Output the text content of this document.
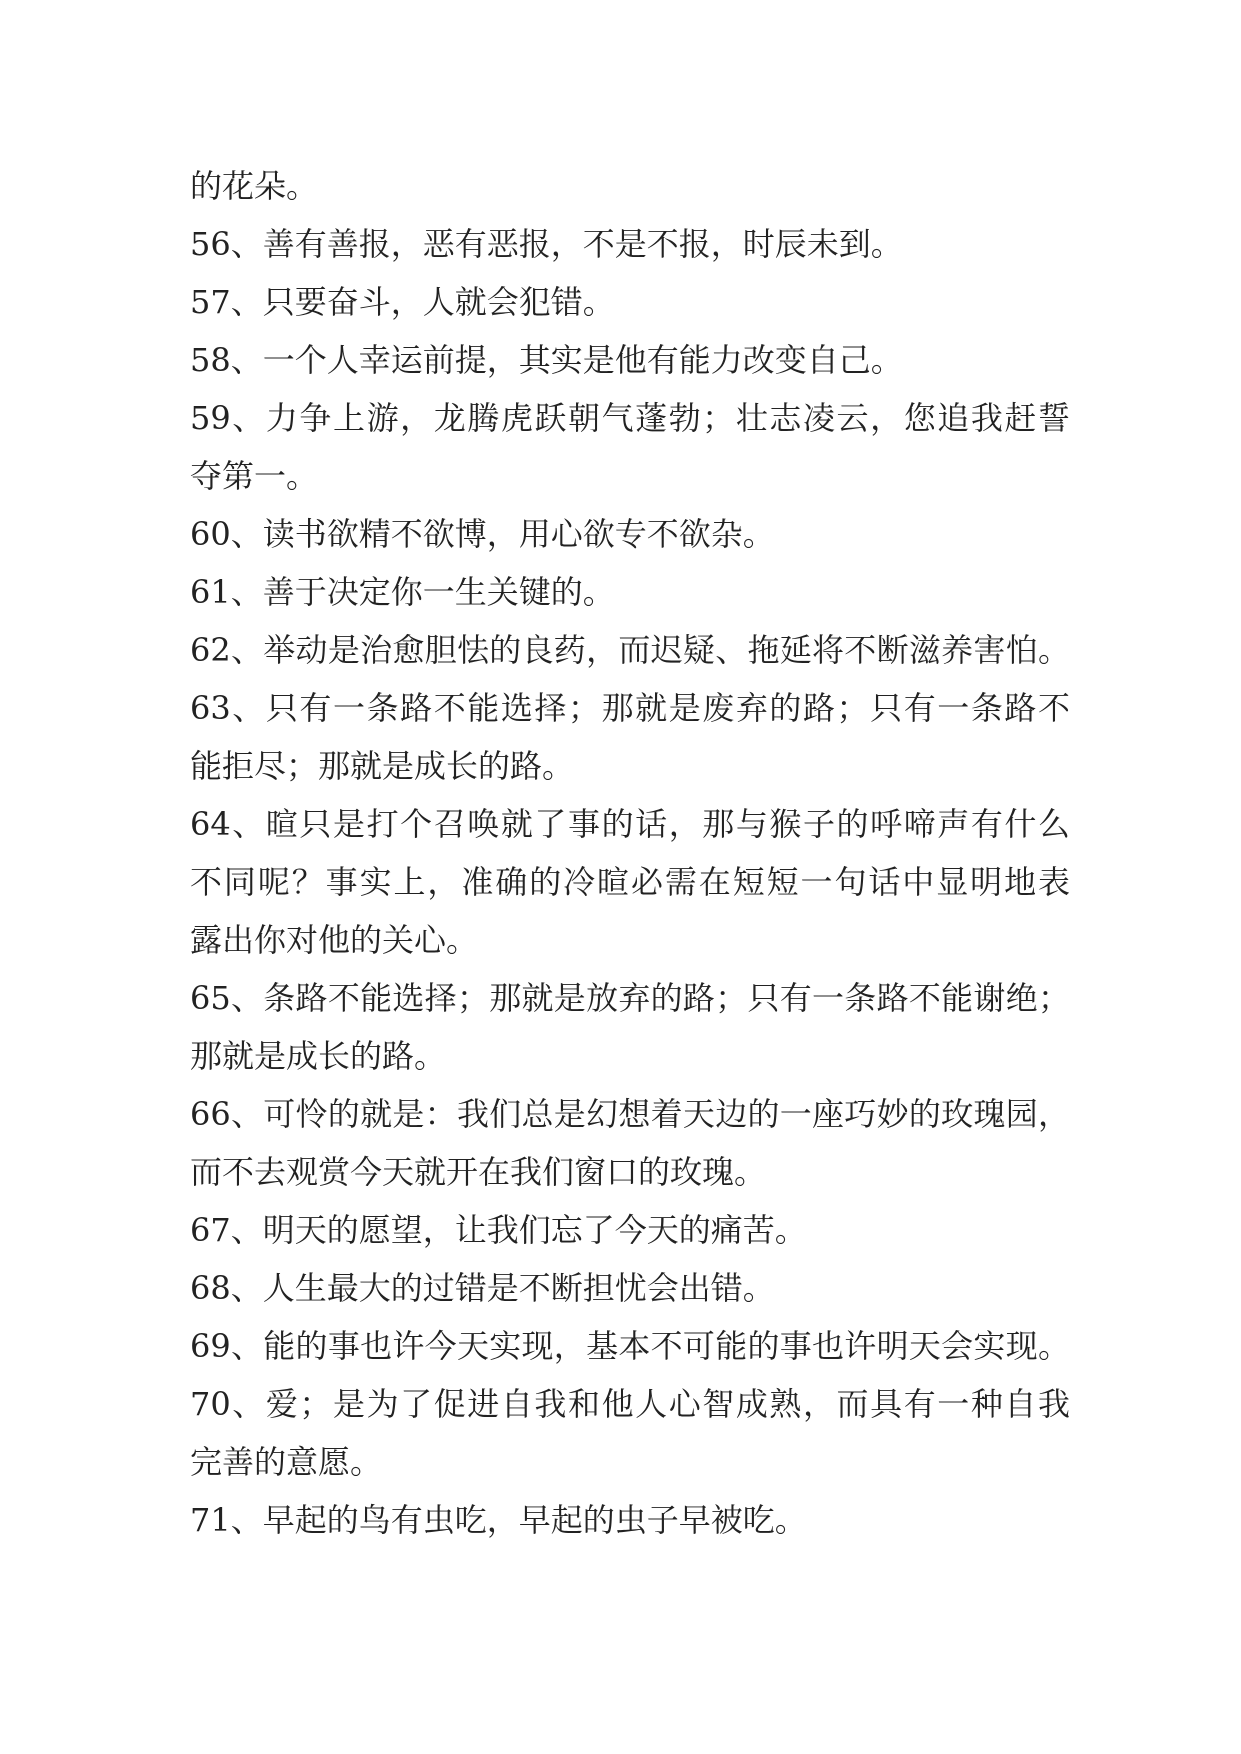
的花朵。
56、善有善报，恶有恶报，不是不报，时辰未到。
57、只要奋斗，人就会犯错。
58、一个人幸运前提，其实是他有能力改变自己。
59、力争上游，龙腾虎跃朝气蓬勃；壮志凌云，您追我赶誓
夺第一。
60、读书欲精不欲博，用心欲专不欲杂。
61、善于决定你一生关键的。
62、举动是治愈胆怯的良药，而迟疑、拖延将不断滋养害怕。
63、只有一条路不能选择；那就是废弃的路；只有一条路不
能拒尽；那就是成长的路。
64、暄只是打个召唤就了事的话，那与猴子的呼啼声有什么
不同呢？事实上，准确的冷暄必需在短短一句话中显明地表
露出你对他的关心。
65、条路不能选择；那就是放弃的路；只有一条路不能谢绝；
那就是成长的路。
66、可怜的就是：我们总是幻想着天边的一座巧妙的玫瑰园，
而不去观赏今天就开在我们窗口的玫瑰。
67、明天的愿望，让我们忘了今天的痛苦。
68、人生最大的过错是不断担忧会出错。
69、能的事也许今天实现，基本不可能的事也许明天会实现。
70、爱；是为了促进自我和他人心智成熟，而具有一种自我
完善的意愿。
71、早起的鸟有虫吃，早起的虫子早被吃。
